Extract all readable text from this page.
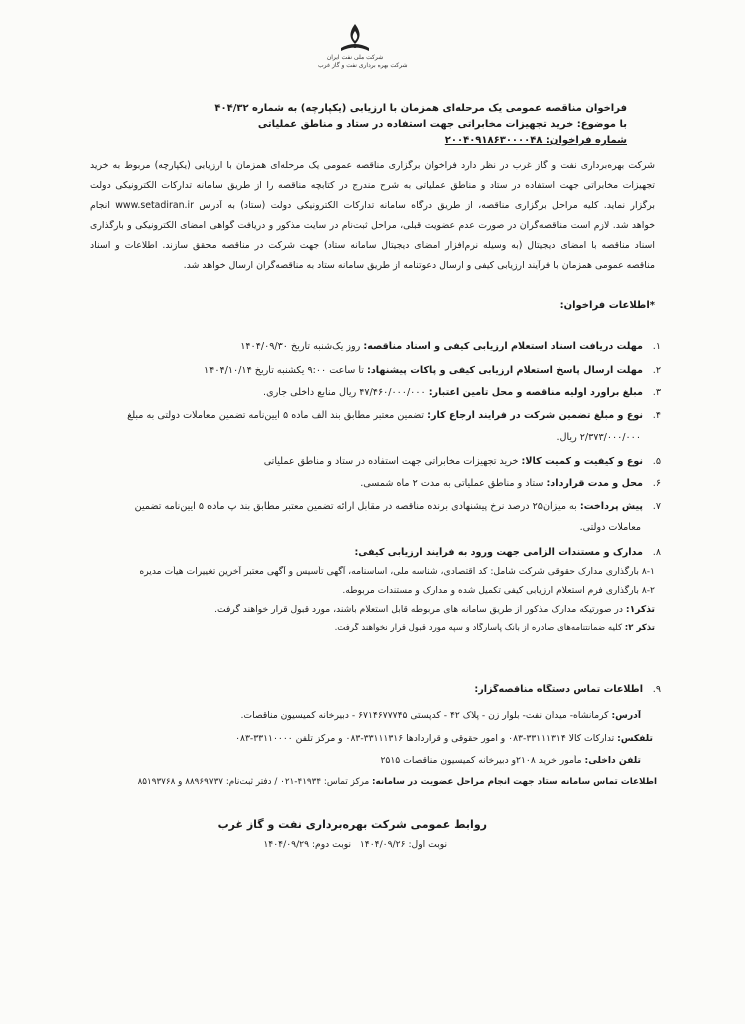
شرکت ملی نفت ایران
شرکت بهره برداری نفت و گاز غرب
فراخوان مناقصه عمومی یک مرحله‌ای همزمان با ارزیابی (یکپارچه) به شماره ۴۰۴/۳۲
با موضوع: خرید تجهیزات مخابراتی جهت استفاده در ستاد و مناطق عملیاتی
شماره فراخوان: ۲۰۰۴۰۹۱۸۶۳۰۰۰۰۴۸
شرکت بهره‌برداری نفت و گاز غرب در نظر دارد فراخوان برگزاری مناقصه عمومی یک مرحله‌ای همزمان با ارزیابی (یکپارچه) مربوط به خرید
تجهیزات مخابراتی جهت استفاده در ستاد و مناطق عملیاتی به شرح مندرج در کتابچه مناقصه را از طریق سامانه تدارکات الکترونیکی دولت
برگزار نماید. کلیه مراحل برگزاری مناقصه، از طریق درگاه سامانه تدارکات الکترونیکی دولت (ستاد) به آدرس www.setadiran.ir انجام
خواهد شد. لازم است مناقصه‌گران در صورت عدم عضویت قبلی، مراحل ثبت‌نام در سایت مذکور و دریافت گواهی امضای الکترونیکی و بارگذاری
اسناد مناقصه با امضای دیجیتال (به وسیله نرم‌افزار امضای دیجیتال سامانه ستاد) جهت شرکت در مناقصه محقق سازند. اطلاعات و اسناد
مناقصه عمومی همزمان با فرآیند ارزیابی کیفی و ارسال دعوتنامه از طریق سامانه ستاد به مناقصه‌گران ارسال خواهد شد.
*اطلاعات فراخوان:
۱.مهلت دریافت اسناد استعلام ارزیابی کیفی و اسناد مناقصه: روز یک‌شنبه تاریخ ۱۴۰۴/۰۹/۳۰
۲.مهلت ارسال پاسخ استعلام ارزیابی کیفی و پاکات پیشنهاد: تا ساعت ۹:۰۰ یکشنبه تاریخ ۱۴۰۴/۱۰/۱۴
۳.مبلغ برآورد اولیه مناقصه و محل تأمین اعتبار: ۴۷/۴۶۰/۰۰۰/۰۰۰ ریال منابع داخلی جاری.
۴.نوع و مبلغ تضمین شرکت در فرآیند ارجاع کار: تضمین معتبر مطابق بند الف ماده ۵ آیین‌نامه تضمین معاملات دولتی به مبلغ
۲/۳۷۳/۰۰۰/۰۰۰ ریال.
۵.نوع و کیفیت و کمیت کالا: خرید تجهیزات مخابراتی جهت استفاده در ستاد و مناطق عملیاتی
۶.محل و مدت قرارداد: ستاد و مناطق عملیاتی به مدت ۲ ماه شمسی.
۷.پیش پرداخت: به میزان۲۵ درصد نرخ پیشنهادی برنده مناقصه در مقابل ارائه تضمین معتبر مطابق بند پ ماده ۵ آیین‌نامه تضمین
معاملات دولتی.
۸.مدارک و مستندات الزامی جهت ورود به فرآیند ارزیابی کیفی:
۸-۱ بارگذاری مدارک حقوقی شرکت شامل: کد اقتصادی، شناسه ملی، اساسنامه، آگهی تأسیس و آگهی معتبر آخرین تغییرات هیأت مدیره
۸-۲ بارگذاری فرم استعلام ارزیابی کیفی تکمیل شده و مدارک و مستندات مربوطه.
تذکر۱: در صورتیکه مدارک مذکور از طریق سامانه های مربوطه قابل استعلام باشند، مورد قبول قرار خواهند گرفت.
تذکر ۲: کلیه ضمانتنامه‌های صادره از بانک پاسارگاد و سپه مورد قبول قرار نخواهند گرفت.
۹.اطلاعات تماس دستگاه مناقصه‌گزار:
آدرس: کرمانشاه- میدان نفت- بلوار زن - پلاک ۴۲ - کدپستی ۶۷۱۴۶۷۷۷۴۵ - دبیرخانه کمیسیون مناقصات.
تلفکس: تدارکات کالا ۳۳۱۱۱۳۱۴-۰۸۳ و امور حقوقی و قراردادها ۳۳۱۱۱۳۱۶-۰۸۳ و مرکز تلفن ۳۳۱۱۰۰۰۰-۰۸۳
تلفن داخلی: مأمور خرید ۲۱۰۸و دبیرخانه کمیسیون مناقصات ۲۵۱۵
اطلاعات تماس سامانه ستاد جهت انجام مراحل عضویت در سامانه: مرکز تماس: ۴۱۹۳۴-۰۲۱ / دفتر ثبت‌نام: ۸۸۹۶۹۷۳۷ و ۸۵۱۹۳۷۶۸
روابط عمومی شرکت بهره‌برداری نفت و گاز غرب
نوبت اول: ۱۴۰۴/۰۹/۲۶   نوبت دوم: ۱۴۰۴/۰۹/۲۹
